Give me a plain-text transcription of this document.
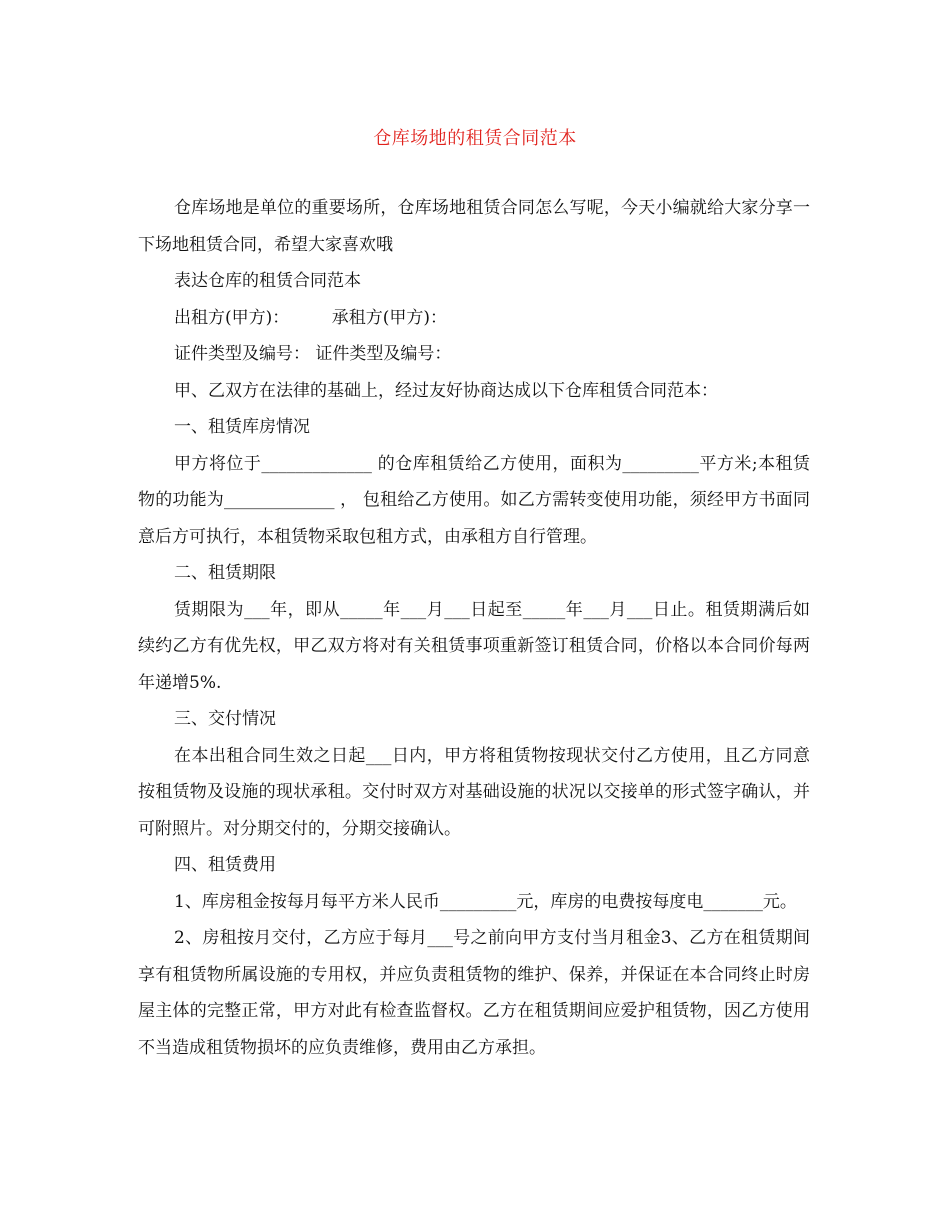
仓库场地的租赁合同范本

仓库场地是单位的重要场所，仓库场地租赁合同怎么写呢，今天小编就给大家分享一下场地租赁合同，希望大家喜欢哦

表达仓库的租赁合同范本

出租方(甲方)：　　　承租方(甲方)：

证件类型及编号： 证件类型及编号：

甲、乙双方在法律的基础上，经过友好协商达成以下仓库租赁合同范本：

一、租赁库房情况

甲方将位于_____________ 的仓库租赁给乙方使用，面积为_________平方米;本租赁物的功能为_____________ ， 包租给乙方使用。如乙方需转变使用功能，须经甲方书面同意后方可执行，本租赁物采取包租方式，由承租方自行管理。

二、租赁期限

赁期限为___年，即从_____年___月___日起至_____年___月___日止。租赁期满后如续约乙方有优先权，甲乙双方将对有关租赁事项重新签订租赁合同，价格以本合同价每两年递增5%.

三、交付情况

在本出租合同生效之日起___日内，甲方将租赁物按现状交付乙方使用，且乙方同意按租赁物及设施的现状承租。交付时双方对基础设施的状况以交接单的形式签字确认，并可附照片。对分期交付的，分期交接确认。

四、租赁费用

1、库房租金按每月每平方米人民币_________元，库房的电费按每度电_______元。

2、房租按月交付，乙方应于每月___号之前向甲方支付当月租金3、乙方在租赁期间享有租赁物所属设施的专用权，并应负责租赁物的维护、保养，并保证在本合同终止时房屋主体的完整正常，甲方对此有检查监督权。乙方在租赁期间应爱护租赁物，因乙方使用不当造成租赁物损坏的应负责维修，费用由乙方承担。
